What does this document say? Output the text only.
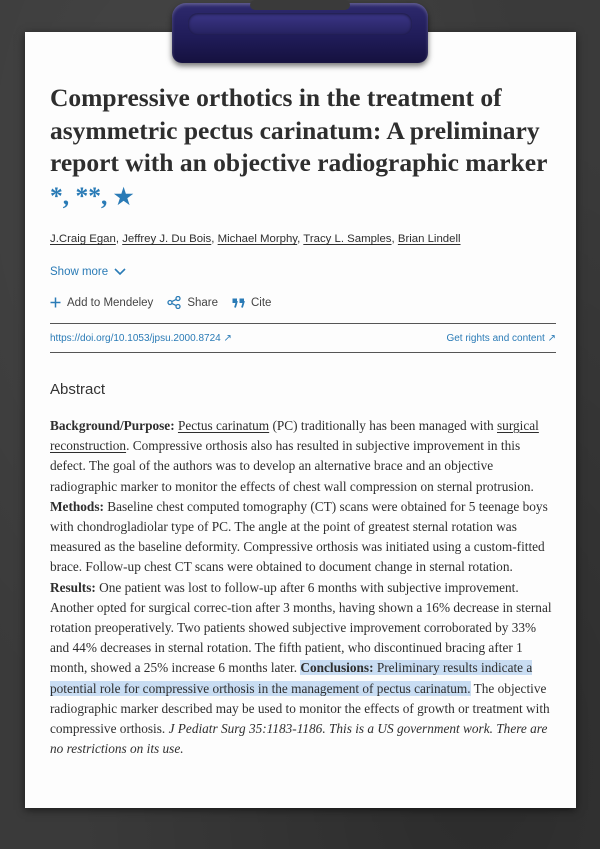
Compressive orthotics in the treatment of asymmetric pectus carinatum: A preliminary report with an objective radiographic marker *, **, ★
J.Craig Egan, Jeffrey J. Du Bois, Michael Morphy, Tracy L. Samples, Brian Lindell
Show more
Add to Mendeley	Share	Cite
https://doi.org/10.1053/jpsu.2000.8724 ↗	Get rights and content ↗
Abstract
Background/Purpose: Pectus carinatum (PC) traditionally has been managed with surgical reconstruction. Compressive orthosis also has resulted in subjective improvement in this defect. The goal of the authors was to develop an alternative brace and an objective radiographic marker to monitor the effects of chest wall compression on sternal protrusion. Methods: Baseline chest computed tomography (CT) scans were obtained for 5 teenage boys with chondrogladiolar type of PC. The angle at the point of greatest sternal rotation was measured as the baseline deformity. Compressive orthosis was initiated using a custom-fitted brace. Follow-up chest CT scans were obtained to document change in sternal rotation. Results: One patient was lost to follow-up after 6 months with subjective improvement. Another opted for surgical correc-tion after 3 months, having shown a 16% decrease in sternal rotation preoperatively. Two patients showed subjective improvement corroborated by 33% and 44% decreases in sternal rotation. The fifth patient, who discontinued bracing after 1 month, showed a 25% increase 6 months later. Conclusions: Preliminary results indicate a potential role for compressive orthosis in the management of pectus carinatum. The objective radiographic marker described may be used to monitor the effects of growth or treatment with compressive orthosis. J Pediatr Surg 35:1183-1186. This is a US government work. There are no restrictions on its use.
